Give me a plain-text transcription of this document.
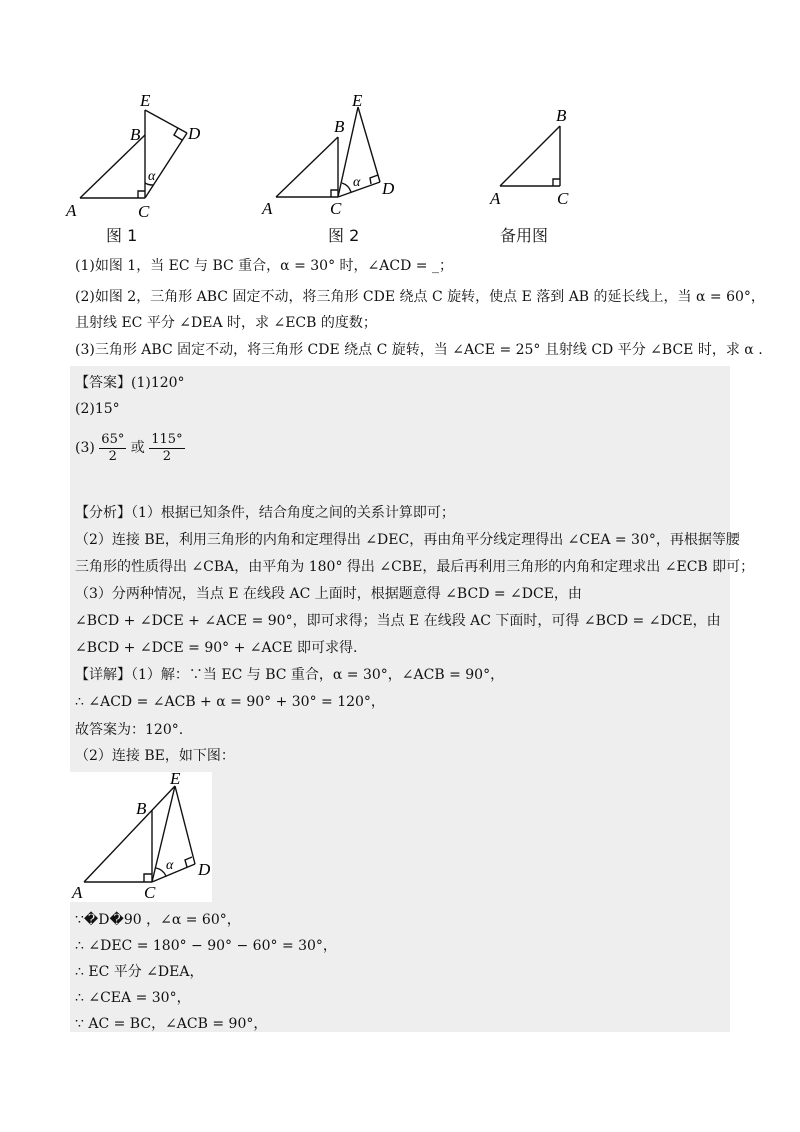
A
B
C
D
E
α
图 1
A
B
C
D
E
α
图 2
A
B
C
备用图
(1)如图 1，当 EC 与 BC 重合，α = 30° 时，∠ACD = _；
(2)如图 2，三角形 ABC 固定不动，将三角形 CDE 绕点 C 旋转，使点 E 落到 AB 的延长线上，当 α = 60°，
且射线 EC 平分 ∠DEA 时，求 ∠ECB 的度数；
(3)三角形 ABC 固定不动，将三角形 CDE 绕点 C 旋转，当 ∠ACE = 25° 且射线 CD 平分 ∠BCE 时，求 α .
【答案】(1)120°
(2)15°
$(3) \frac{65^\circ}{2}$ 或 $\frac{115^\circ}{2}$
【分析】（1）根据已知条件，结合角度之间的关系计算即可；
（2）连接 BE，利用三角形的内角和定理得出 ∠DEC，再由角平分线定理得出 ∠CEA = 30°，再根据等腰
三角形的性质得出 ∠CBA，由平角为 180° 得出 ∠CBE，最后再利用三角形的内角和定理求出 ∠ECB 即可；
（3）分两种情况，当点 E 在线段 AC 上面时，根据题意得 ∠BCD = ∠DCE，由
∠BCD + ∠DCE + ∠ACE = 90°，即可求得；当点 E 在线段 AC 下面时，可得 ∠BCD = ∠DCE，由
∠BCD + ∠DCE = 90° + ∠ACE 即可求得.
【详解】（1）解：∵当 EC 与 BC 重合，α = 30°，∠ACB = 90°，
∴ ∠ACD = ∠ACB + α = 90° + 30° = 120°，
故答案为：120°.
（2）连接 BE，如下图：
A
B
C
D
E
α
∵�D�90 ，∠α = 60°，
∴ ∠DEC = 180° − 90° − 60° = 30°，
∴ EC 平分 ∠DEA，
∴ ∠CEA = 30°，
∵ AC = BC，∠ACB = 90°，
